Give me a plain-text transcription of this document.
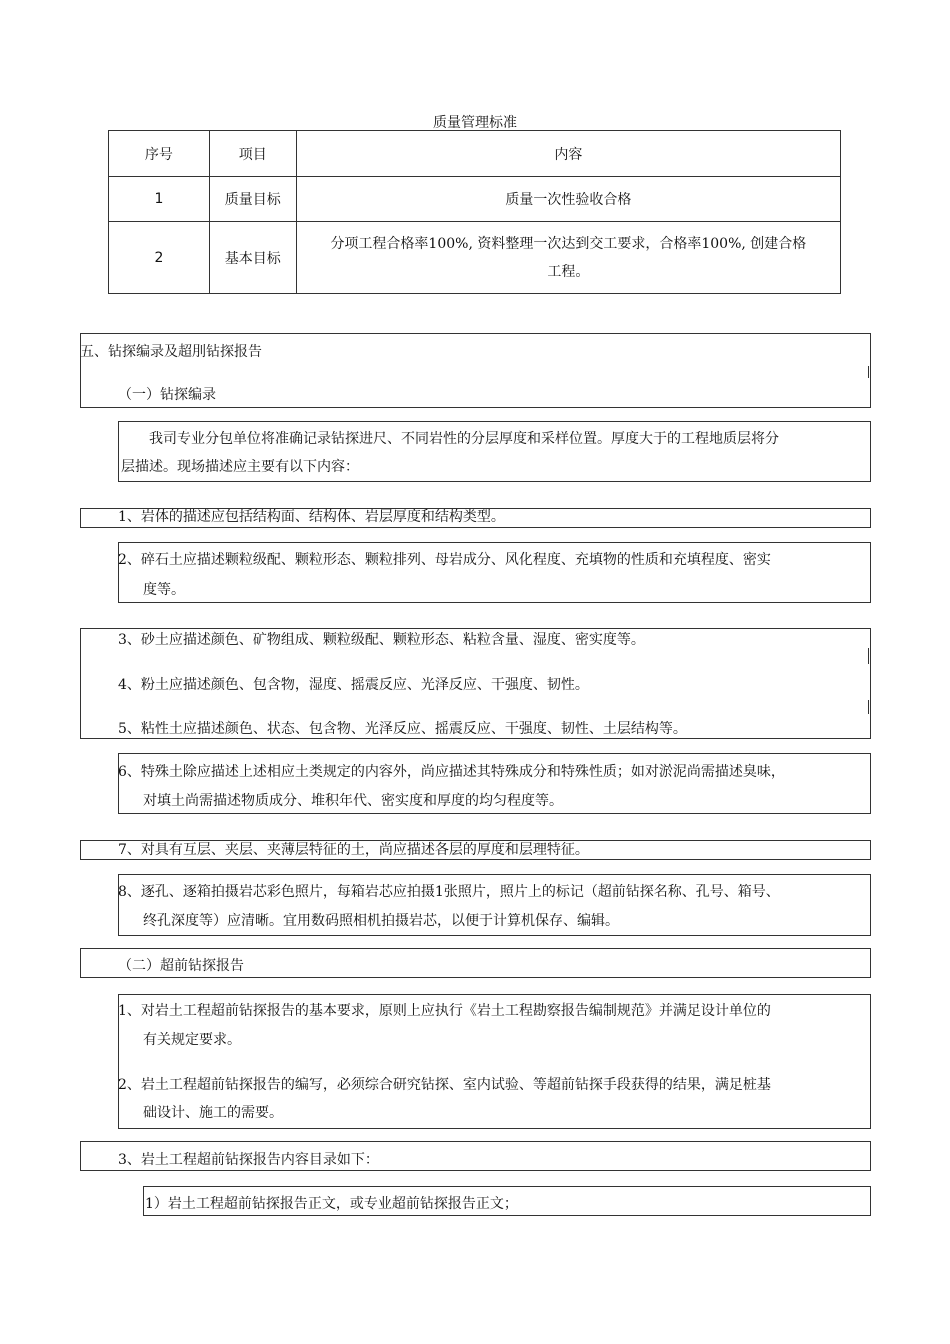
质量管理标准
序号	项目	内容
1	质量目标	质量一次性验收合格
2	基本目标	分项工程合格率100%, 资料整理一次达到交工要求，合格率100%, 创建合格
工程。
五、钻探编录及超刖钻探报告
（一）钻探编录
我司专业分包单位将准确记录钻探进尺、不同岩性的分层厚度和采样位置。厚度大于的工程地质层将分
层描述。现场描述应主要有以下内容：
1、岩体的描述应包括结构面、结构体、岩层厚度和结构类型。
2、碎石土应描述颗粒级配、颗粒形态、颗粒排列、母岩成分、风化程度、充填物的性质和充填程度、密实
度等。
3、砂土应描述颜色、矿物组成、颗粒级配、颗粒形态、粘粒含量、湿度、密实度等。
4、粉土应描述颜色、包含物，湿度、摇震反应、光泽反应、干强度、韧性。
5、粘性土应描述颜色、状态、包含物、光泽反应、摇震反应、干强度、韧性、土层结构等。
6、特殊土除应描述上述相应土类规定的内容外，尚应描述其特殊成分和特殊性质；如对淤泥尚需描述臭味，
对填土尚需描述物质成分、堆积年代、密实度和厚度的均匀程度等。
7、对具有互层、夹层、夹薄层特征的土，尚应描述各层的厚度和层理特征。
8、逐孔、逐箱拍摄岩芯彩色照片，每箱岩芯应拍摄1张照片，照片上的标记（超前钻探名称、孔号、箱号、
终孔深度等）应清晰。宜用数码照相机拍摄岩芯，以便于计算机保存、编辑。
（二）超前钻探报告
1、对岩土工程超前钻探报告的基本要求，原则上应执行《岩土工程勘察报告编制规范》并满足设计单位的
有关规定要求。
2、岩土工程超前钻探报告的编写，必须综合研究钻探、室内试验、等超前钻探手段获得的结果，满足桩基
础设计、施工的需要。
3、岩土工程超前钻探报告内容目录如下：
1）岩土工程超前钻探报告正文，或专业超前钻探报告正文；
